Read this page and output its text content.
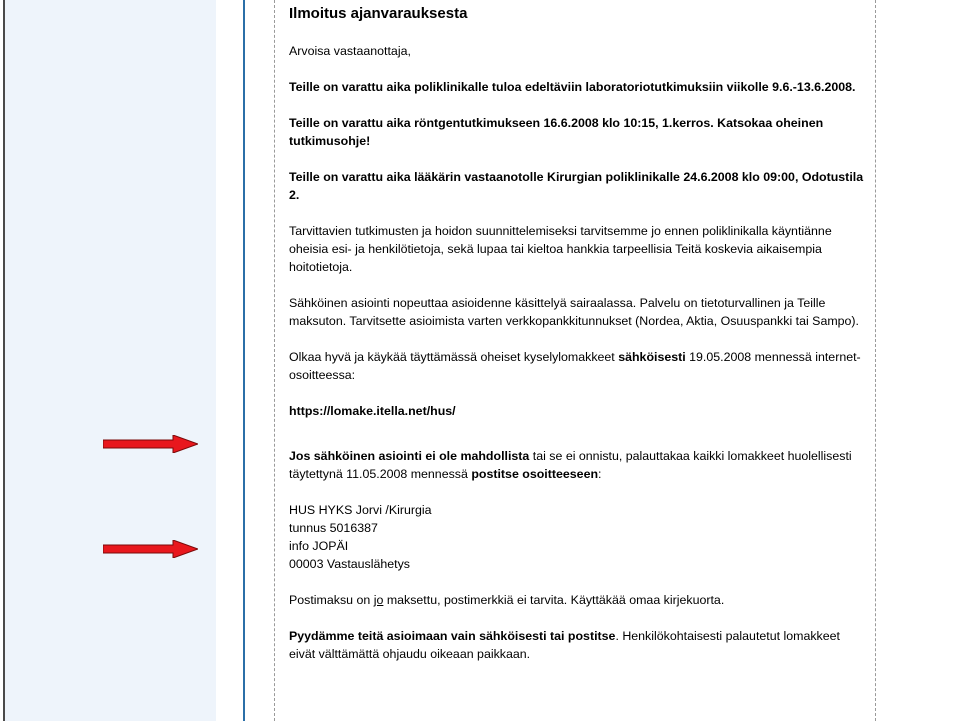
Ilmoitus ajanvarauksesta

Arvoisa vastaanottaja,

Teille on varattu aika poliklinikalle tuloa edeltäviin laboratoriotutkimuksiin viikolle 9.6.-13.6.2008.

Teille on varattu aika röntgentutkimukseen 16.6.2008 klo 10:15, 1.kerros. Katsokaa oheinen tutkimusohje!

Teille on varattu aika lääkärin vastaanotolle Kirurgian poliklinikalle 24.6.2008 klo 09:00, Odotustila 2.

Tarvittavien tutkimusten ja hoidon suunnittelemiseksi tarvitsemme jo ennen poliklinikalla käyntiänne oheisia esi- ja henkilötietoja, sekä lupaa tai kieltoa hankkia tarpeellisia Teitä koskevia aikaisempia hoitotietoja.

Sähköinen asiointi nopeuttaa asioidenne käsittelyä sairaalassa. Palvelu on tietoturvallinen ja Teille maksuton. Tarvitsette asioimista varten verkkopankkitunnukset (Nordea, Aktia, Osuuspankki tai Sampo).

Olkaa hyvä ja käykää täyttämässä oheiset kyselylomakkeet sähköisesti 19.05.2008 mennessä internet-osoitteessa:

https://lomake.itella.net/hus/

Jos sähköinen asiointi ei ole mahdollista tai se ei onnistu, palauttakaa kaikki lomakkeet huolellisesti täytettynä 11.05.2008 mennessä postitse osoitteeseen:

HUS HYKS Jorvi /Kirurgia

tunnus 5016387

info JOPÄI

00003 Vastauslähetys

Postimaksu on jo maksettu, postimerkkiä ei tarvita. Käyttäkää omaa kirjekuorta.

Pyydämme teitä asioimaan vain sähköisesti tai postitse. Henkilökohtaisesti palautetut lomakkeet eivät välttämättä ohjaudu oikeaan paikkaan.
